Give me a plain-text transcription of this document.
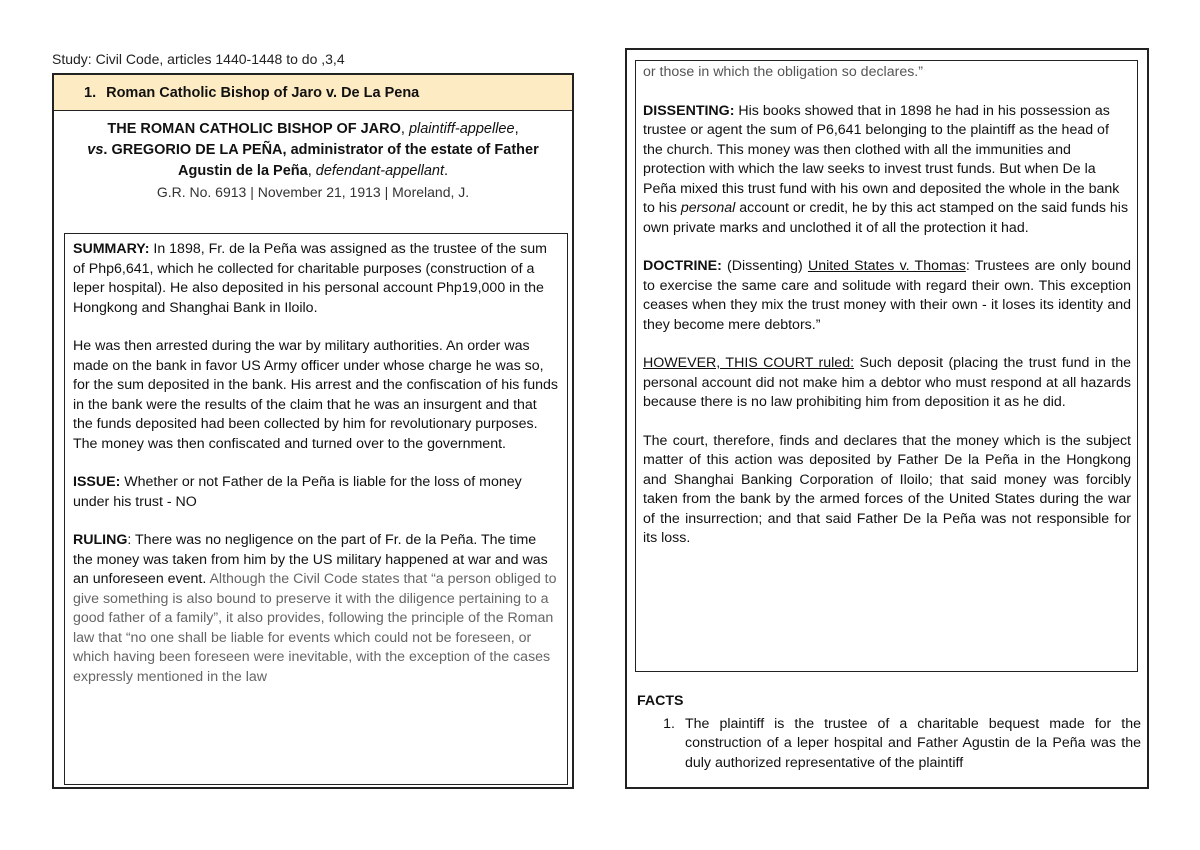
Study: Civil Code, articles 1440-1448 to do ,3,4
1. Roman Catholic Bishop of Jaro v. De La Pena
THE ROMAN CATHOLIC BISHOP OF JARO, plaintiff-appellee,
vs. GREGORIO DE LA PEÑA, administrator of the estate of Father Agustin de la Peña, defendant-appellant.
G.R. No. 6913 | November 21, 1913 | Moreland, J.

SUMMARY: In 1898, Fr. de la Peña was assigned as the trustee of the sum of Php6,641, which he collected for charitable purposes (construction of a leper hospital). He also deposited in his personal account Php19,000 in the Hongkong and Shanghai Bank in Iloilo.

He was then arrested during the war by military authorities. An order was made on the bank in favor US Army officer under whose charge he was so, for the sum deposited in the bank. His arrest and the confiscation of his funds in the bank were the results of the claim that he was an insurgent and that the funds deposited had been collected by him for revolutionary purposes. The money was then confiscated and turned over to the government.

ISSUE: Whether or not Father de la Peña is liable for the loss of money under his trust - NO

RULING: There was no negligence on the part of Fr. de la Peña. The time the money was taken from him by the US military happened at war and was an unforeseen event. Although the Civil Code states that “a person obliged to give something is also bound to preserve it with the diligence pertaining to a good father of a family”, it also provides, following the principle of the Roman law that “no one shall be liable for events which could not be foreseen, or which having been foreseen were inevitable, with the exception of the cases expressly mentioned in the law

or those in which the obligation so declares.”

DISSENTING: His books showed that in 1898 he had in his possession as trustee or agent the sum of P6,641 belonging to the plaintiff as the head of the church. This money was then clothed with all the immunities and protection with which the law seeks to invest trust funds. But when De la Peña mixed this trust fund with his own and deposited the whole in the bank to his personal account or credit, he by this act stamped on the said funds his own private marks and unclothed it of all the protection it had.

DOCTRINE: (Dissenting) United States v. Thomas: Trustees are only bound to exercise the same care and solitude with regard their own. This exception ceases when they mix the trust money with their own - it loses its identity and they become mere debtors.”

HOWEVER, THIS COURT ruled: Such deposit (placing the trust fund in the personal account did not make him a debtor who must respond at all hazards because there is no law prohibiting him from deposition it as he did.

The court, therefore, finds and declares that the money which is the subject matter of this action was deposited by Father De la Peña in the Hongkong and Shanghai Banking Corporation of Iloilo; that said money was forcibly taken from the bank by the armed forces of the United States during the war of the insurrection; and that said Father De la Peña was not responsible for its loss.

FACTS
1. The plaintiff is the trustee of a charitable bequest made for the construction of a leper hospital and Father Agustin de la Peña was the duly authorized representative of the plaintiff
